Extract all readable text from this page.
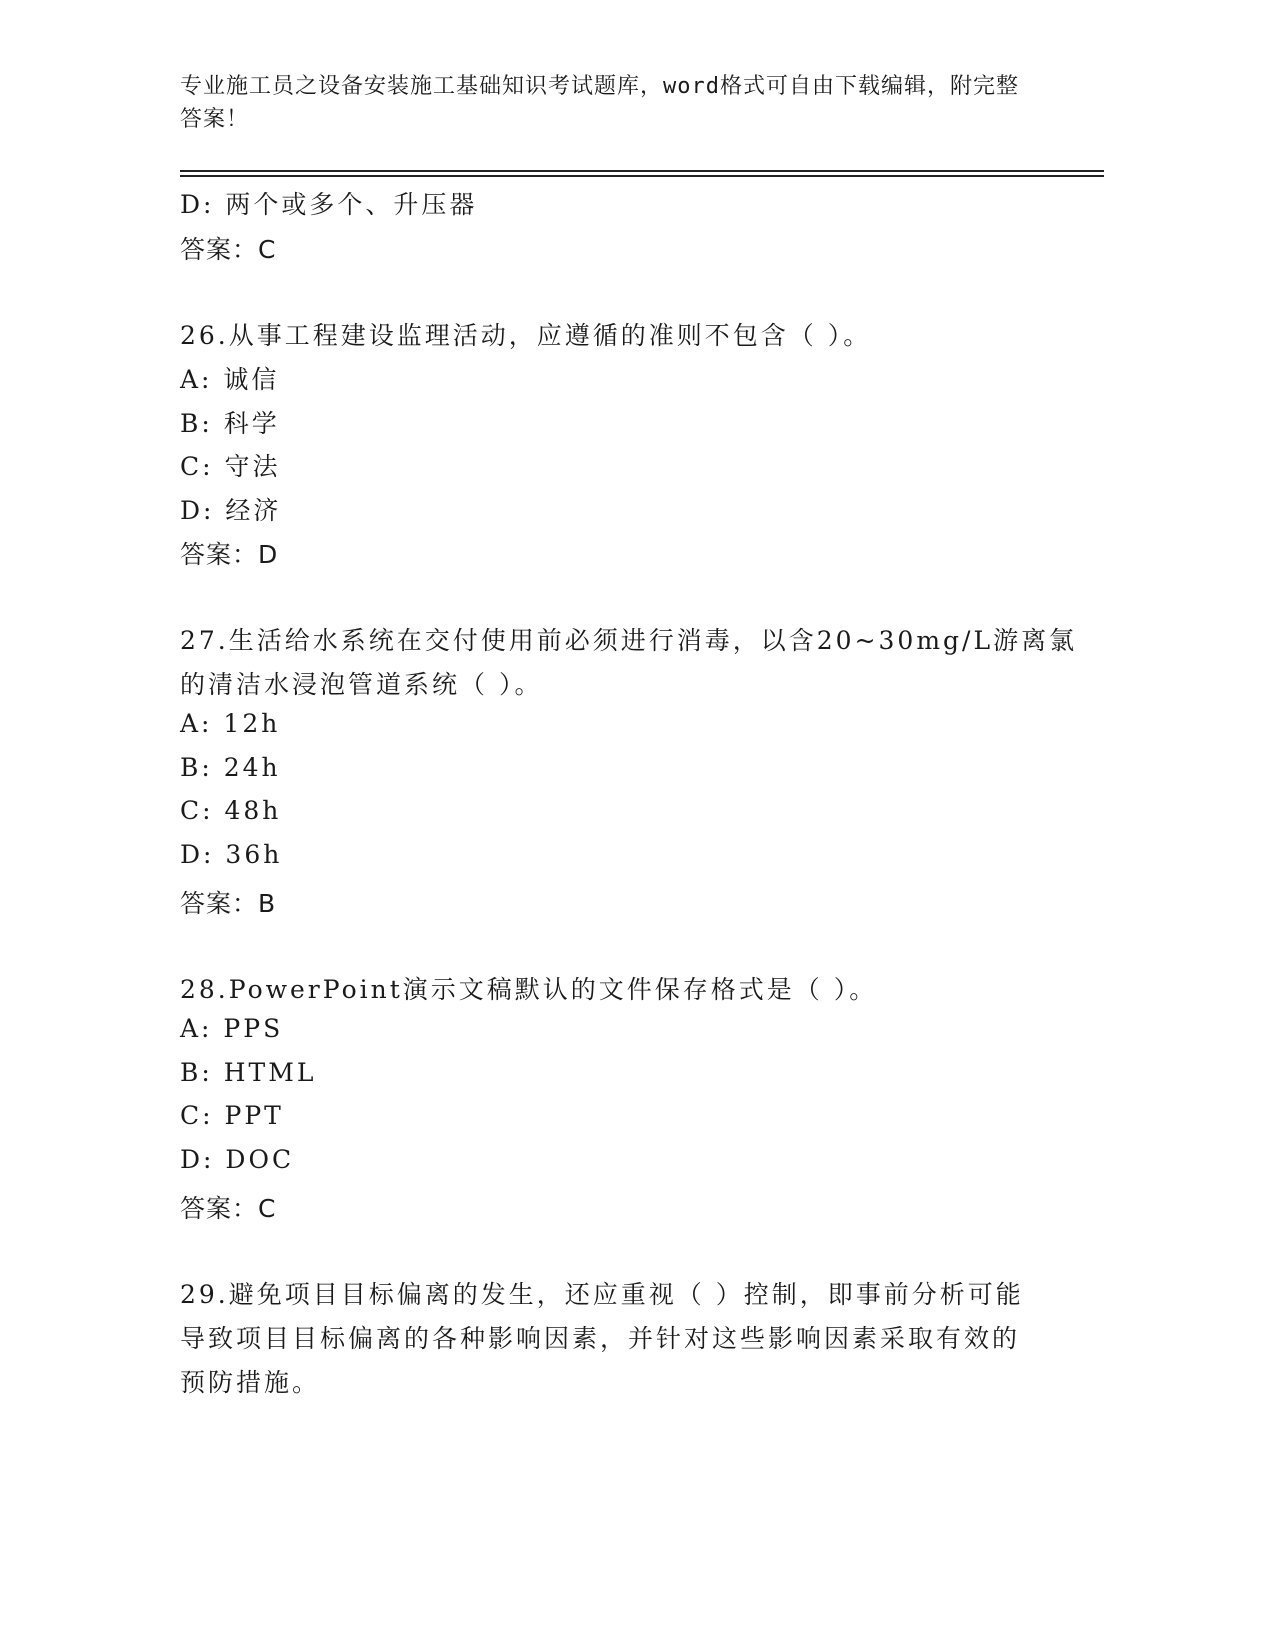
专业施工员之设备安装施工基础知识考试题库，word格式可自由下载编辑，附完整答案！
D: 两个或多个、升压器
答案：C
26.从事工程建设监理活动，应遵循的准则不包含（ ）。
A: 诚信
B: 科学
C: 守法
D: 经济
答案：D
27.生活给水系统在交付使用前必须进行消毒，以含20~30mg/L游离氯
的清洁水浸泡管道系统（ ）。
A: 12h
B: 24h
C: 48h
D: 36h
答案：B
28.PowerPoint演示文稿默认的文件保存格式是（ ）。
A: PPS
B: HTML
C: PPT
D: DOC
答案：C
29.避免项目目标偏离的发生，还应重视（ ）控制，即事前分析可能
导致项目目标偏离的各种影响因素，并针对这些影响因素采取有效的
预防措施。
